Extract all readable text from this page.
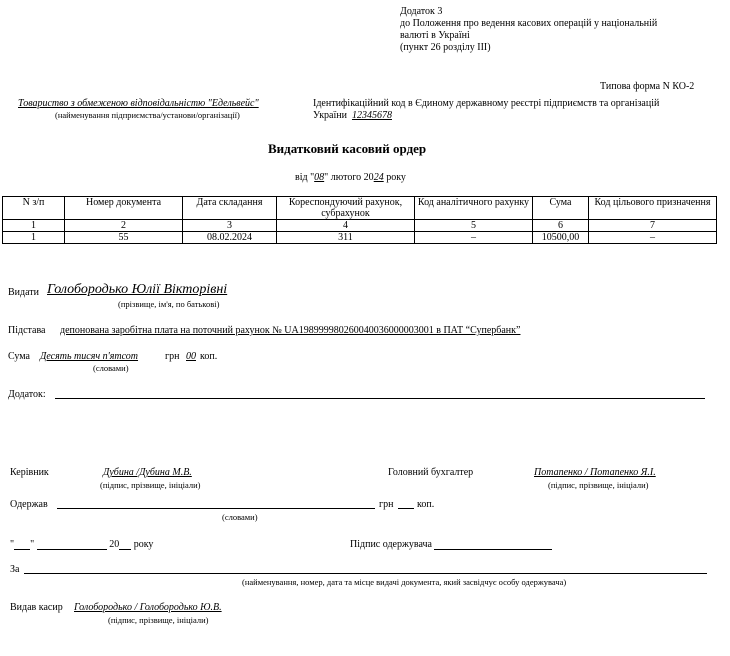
Додаток 3
до Положення про ведення касових операцій у національній
валюті в Україні
(пункт 26 розділу ІІІ)
Типова форма N КО-2
Товариство з обмеженою відповідальністю "Едельвейс"
(найменування підприємства/установи/організації)
Ідентифікаційний код в Єдиному державному реєстрі підприємств та організацій
України 12345678
Видатковий касовий ордер
від "08" лютого 2024 року
N з/п	Номер документа	Дата складання	Кореспондуючий рахунок, субрахунок	Код аналітичного рахунку	Сума	Код цільового призначення
1	2	3	4	5	6	7
1	55	08.02.2024	311	–	10500,00	–
Видати Голобородько Юлії Вікторівні
(прізвище, ім'я, по батькові)
Підстава депонована заробітна плата на поточний рахунок № UA198999980260040036000003001 в ПАТ “Супербанк”
Сума Десять тисяч п'ятсот	грн 00 коп.
(словами)
Додаток:
Керівник	Дубина /Дубина М.В.
(підпис, прізвище, ініціали)
Головний бухгалтер	Потапенко / Потапенко Я.І.
(підпис, прізвище, ініціали)
Одержав	грн коп.
(словами)
" "	20 року	Підпис одержувача
За
(найменування, номер, дата та місце видачі документа, який засвідчує особу одержувача)
Видав касир Голобородько / Голобородько Ю.В.
(підпис, прізвище, ініціали)
